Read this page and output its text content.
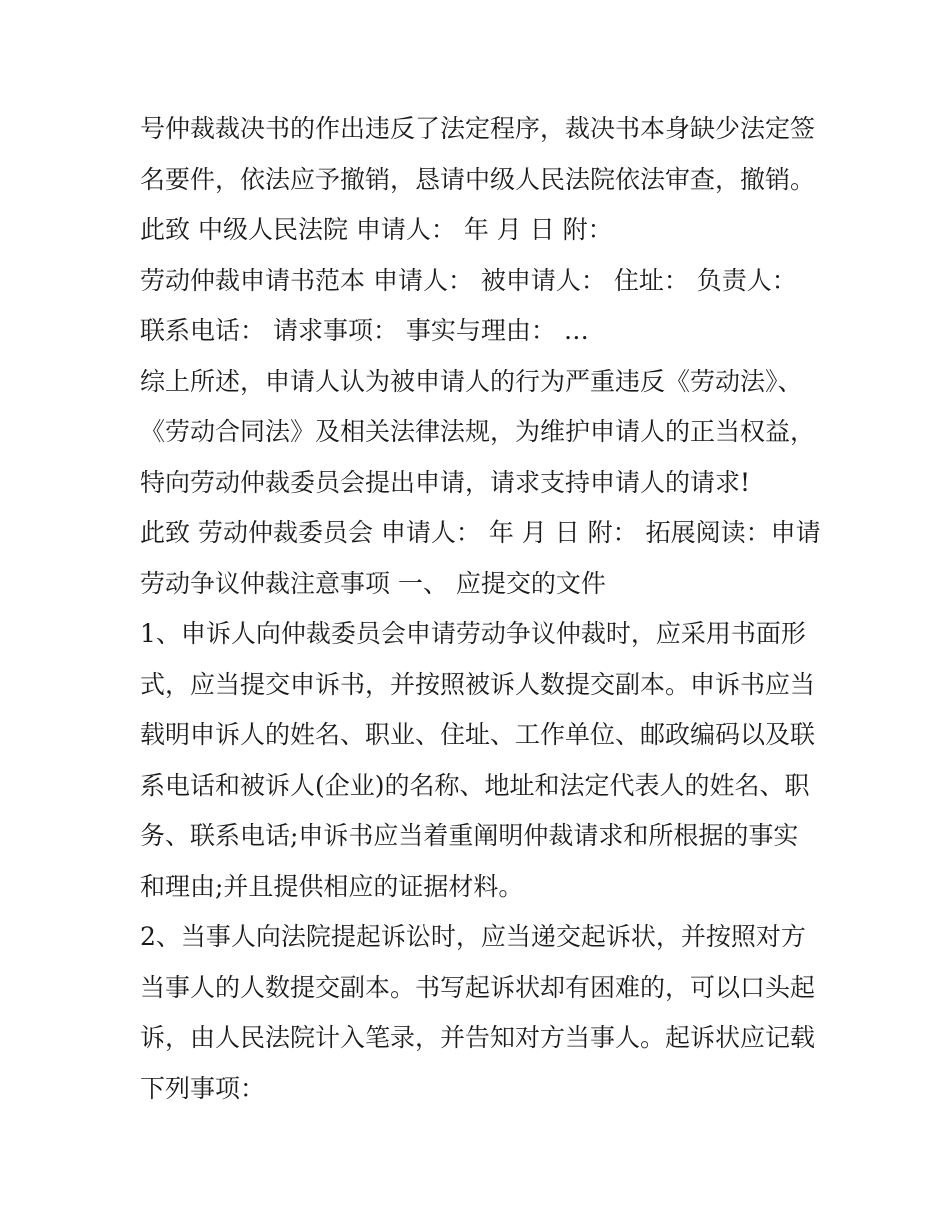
号仲裁裁决书的作出违反了法定程序，裁决书本身缺少法定签
名要件，依法应予撤销，恳请中级人民法院依法审查，撤销。
此致 中级人民法院 申请人： 年 月 日 附：
劳动仲裁申请书范本 申请人： 被申请人： 住址： 负责人：
联系电话： 请求事项： 事实与理由： …
综上所述，申请人认为被申请人的行为严重违反《劳动法》、
《劳动合同法》及相关法律法规，为维护申请人的正当权益，
特向劳动仲裁委员会提出申请，请求支持申请人的请求!
此致 劳动仲裁委员会 申请人： 年 月 日 附： 拓展阅读：申请
劳动争议仲裁注意事项 一、 应提交的文件
1、申诉人向仲裁委员会申请劳动争议仲裁时，应采用书面形
式，应当提交申诉书，并按照被诉人数提交副本。申诉书应当
载明申诉人的姓名、职业、住址、工作单位、邮政编码以及联
系电话和被诉人(企业)的名称、地址和法定代表人的姓名、职
务、联系电话;申诉书应当着重阐明仲裁请求和所根据的事实
和理由;并且提供相应的证据材料。
2、当事人向法院提起诉讼时，应当递交起诉状，并按照对方
当事人的人数提交副本。书写起诉状却有困难的，可以口头起
诉，由人民法院计入笔录，并告知对方当事人。起诉状应记载
下列事项：
